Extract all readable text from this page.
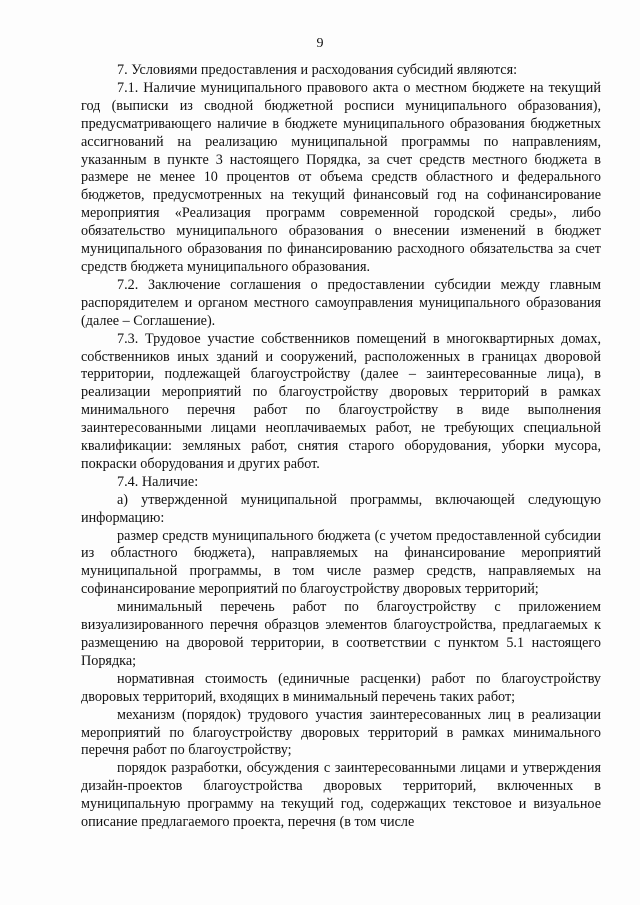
9

7. Условиями предоставления и расходования субсидий являются:

7.1. Наличие муниципального правового акта о местном бюджете на текущий год (выписки из сводной бюджетной росписи муниципального образования), предусматривающего наличие в бюджете муниципального образования бюджетных ассигнований на реализацию муниципальной программы по направлениям, указанным в пункте 3 настоящего Порядка, за счет средств местного бюджета в размере не менее 10 процентов от объема средств областного и федерального бюджетов, предусмотренных на текущий финансовый год на софинансирование мероприятия «Реализация программ современной городской среды», либо обязательство муниципального образования о внесении изменений в бюджет муниципального образования по финансированию расходного обязательства за счет средств бюджета муниципального образования.

7.2. Заключение соглашения о предоставлении субсидии между главным распорядителем и органом местного самоуправления муниципального образования (далее – Соглашение).

7.3. Трудовое участие собственников помещений в многоквартирных домах, собственников иных зданий и сооружений, расположенных в границах дворовой территории, подлежащей благоустройству (далее – заинтересованные лица), в реализации мероприятий по благоустройству дворовых территорий в рамках минимального перечня работ по благоустройству в виде выполнения заинтересованными лицами неоплачиваемых работ, не требующих специальной квалификации: земляных работ, снятия старого оборудования, уборки мусора, покраски оборудования и других работ.

7.4. Наличие:

а) утвержденной муниципальной программы, включающей следующую информацию:

размер средств муниципального бюджета (с учетом предоставленной субсидии из областного бюджета), направляемых на финансирование мероприятий муниципальной программы, в том числе размер средств, направляемых на софинансирование мероприятий по благоустройству дворовых территорий;

минимальный перечень работ по благоустройству с приложением визуализированного перечня образцов элементов благоустройства, предлагаемых к размещению на дворовой территории, в соответствии с пунктом 5.1 настоящего Порядка;

нормативная стоимость (единичные расценки) работ по благоустройству дворовых территорий, входящих в минимальный перечень таких работ;

механизм (порядок) трудового участия заинтересованных лиц в реализации мероприятий по благоустройству дворовых территорий в рамках минимального перечня работ по благоустройству;

порядок разработки, обсуждения с заинтересованными лицами и утверждения дизайн-проектов благоустройства дворовых территорий, включенных в муниципальную программу на текущий год, содержащих текстовое и визуальное описание предлагаемого проекта, перечня (в том числе
